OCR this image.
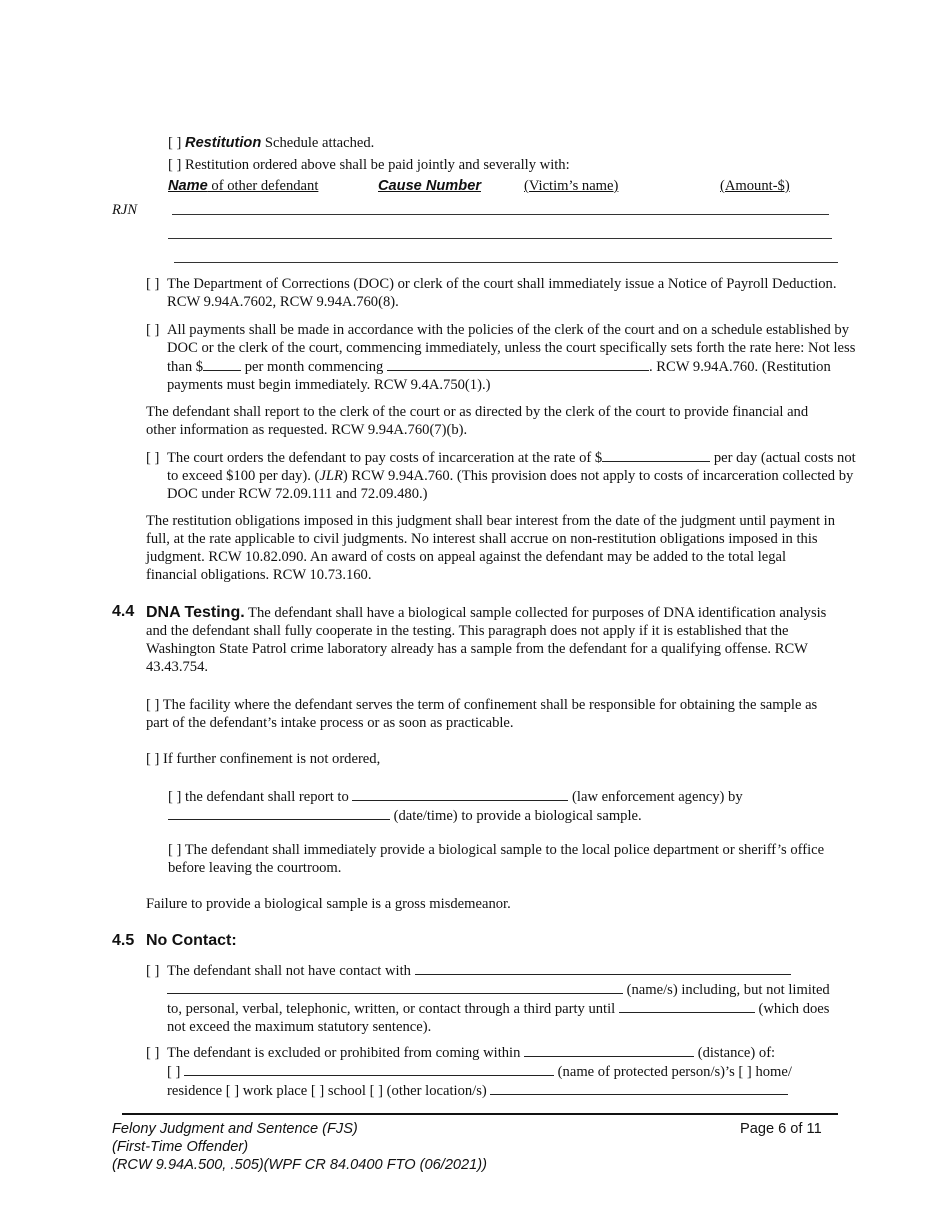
[ ] Restitution Schedule attached.
[ ] Restitution ordered above shall be paid jointly and severally with:
Name of other defendant	Cause Number	(Victim’s name)	(Amount-$)
RJN
[ ] The Department of Corrections (DOC) or clerk of the court shall immediately issue a Notice of Payroll Deduction. RCW 9.94A.7602, RCW 9.94A.760(8).
[ ] All payments shall be made in accordance with the policies of the clerk of the court and on a schedule established by DOC or the clerk of the court, commencing immediately, unless the court specifically sets forth the rate here: Not less than $	per month commencing	. RCW 9.94A.760. (Restitution payments must begin immediately. RCW 9.4A.750(1).)
The defendant shall report to the clerk of the court or as directed by the clerk of the court to provide financial and other information as requested. RCW 9.94A.760(7)(b).
[ ] The court orders the defendant to pay costs of incarceration at the rate of $	per day (actual costs not to exceed $100 per day). (JLR) RCW 9.94A.760. (This provision does not apply to costs of incarceration collected by DOC under RCW 72.09.111 and 72.09.480.)
The restitution obligations imposed in this judgment shall bear interest from the date of the judgment until payment in full, at the rate applicable to civil judgments. No interest shall accrue on non-restitution obligations imposed in this judgment. RCW 10.82.090. An award of costs on appeal against the defendant may be added to the total legal financial obligations. RCW 10.73.160.
4.4 DNA Testing. The defendant shall have a biological sample collected for purposes of DNA identification analysis and the defendant shall fully cooperate in the testing. This paragraph does not apply if it is established that the Washington State Patrol crime laboratory already has a sample from the defendant for a qualifying offense. RCW 43.43.754.
[ ] The facility where the defendant serves the term of confinement shall be responsible for obtaining the sample as part of the defendant’s intake process or as soon as practicable.
[ ] If further confinement is not ordered,
[ ] the defendant shall report to	(law enforcement agency) by
(date/time) to provide a biological sample.
[ ] The defendant shall immediately provide a biological sample to the local police department or sheriff’s office before leaving the courtroom.
Failure to provide a biological sample is a gross misdemeanor.
4.5 No Contact:
[ ] The defendant shall not have contact with
(name/s) including, but not limited to, personal, verbal, telephonic, written, or contact through a third party until	(which does not exceed the maximum statutory sentence).
[ ] The defendant is excluded or prohibited from coming within	(distance) of:
[ ]	(name of protected person/s)’s [ ] home/
residence [ ] work place [ ] school [ ] (other location/s)
Felony Judgment and Sentence (FJS)
(First-Time Offender)
(RCW 9.94A.500, .505)(WPF CR 84.0400 FTO (06/2021))
Page 6 of 11
